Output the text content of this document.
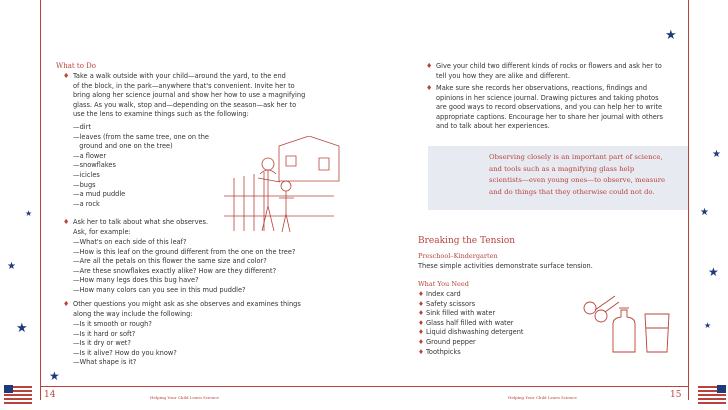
★
★
★
★
★
★
★
★
★
What to Do
♦ Take a walk outside with your child—around the yard, to the end
of the block, in the park—anywhere that's convenient. Invite her to
bring along her science journal and show her how to use a magnifying
glass. As you walk, stop and—depending on the season—ask her to
use the lens to examine things such as the following:
—dirt
—leaves (from the same tree, one on the
ground and one on the tree)
—a flower
—snowflakes
—icicles
—bugs
—a mud puddle
—a rock
♦ Ask her to talk about what she observes.
Ask, for example:
—What's on each side of this leaf?
—How is this leaf on the ground different from the one on the tree?
—Are all the petals on this flower the same size and color?
—Are these snowflakes exactly alike? How are they different?
—How many legs does this bug have?
—How many colors can you see in this mud puddle?
♦ Other questions you might ask as she observes and examines things
along the way include the following:
—Is it smooth or rough?
—Is it hard or soft?
—Is it dry or wet?
—Is it alive? How do you know?
—What shape is it?
14	Helping Your Child Learn Science
♦ Give your child two different kinds of rocks or flowers and ask her to
tell you how they are alike and different.
♦ Make sure she records her observations, reactions, findings and
opinions in her science journal. Drawing pictures and taking photos
are good ways to record observations, and you can help her to write
appropriate captions. Encourage her to share her journal with others
and to talk about her experiences.
Observing closely is an important part of science,
and tools such as a magnifying glass help
scientists—even young ones—to observe, measure
and do things that they otherwise could not do.
Breaking the Tension
Preschool–Kindergarten
These simple activities demonstrate surface tension.
What You Need
♦ Index card
♦ Safety scissors
♦ Sink filled with water
♦ Glass half filled with water
♦ Liquid dishwashing detergent
♦ Ground pepper
♦ Toothpicks
Helping Your Child Learn Science	15
